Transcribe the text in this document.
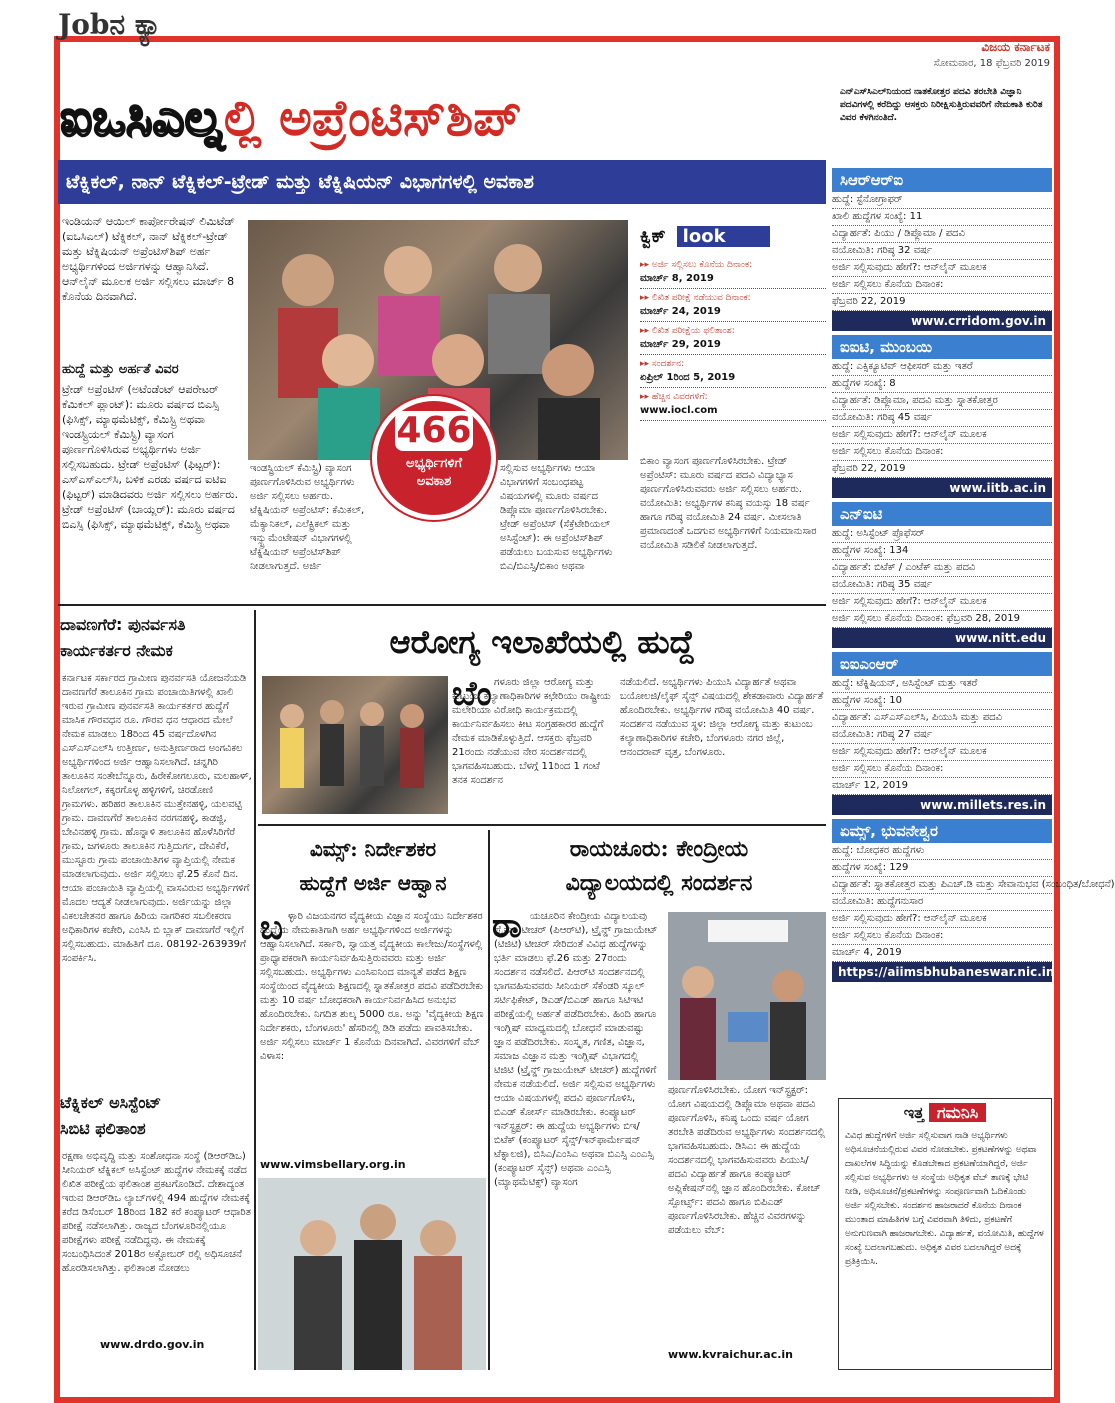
Jobನ ಕ್ಯಾ
ವಿಜಯ ಕರ್ನಾಟಕ
ಸೋಮವಾರ, 18 ಫೆಬ್ರವರಿ 2019
ಐಒಸಿಎಲ್ನಲ್ಲಿ ಅಪ್ರೆಂಟಿಸ್‌ಶಿಪ್	ಎನ್‌ಎಸ್‌ಸಿಎಲ್‌ನಿಯಂದ ನಾತಕೋತ್ತರ ಪದವಿ ತರಬೇತಿ ವಿಜ್ಞಾನಿ ಪದವಿಗಳಲ್ಲಿ ಕರೆದಿದ್ದು ಆಸಕ್ತರು ನಿರೀಕ್ಷಿಸುತ್ತಿರುವವರಿಗೆ ನೇಮಕಾತಿ ಕುರಿತ ವಿವರ ಕೆಳಗಿನಂತಿದೆ.
ಟೆಕ್ನಿಕಲ್, ನಾನ್ ಟೆಕ್ನಿಕಲ್-ಟ್ರೇಡ್ ಮತ್ತು ಟೆಕ್ನಿಷಿಯನ್ ವಿಭಾಗಗಳಲ್ಲಿ ಅವಕಾಶ
ಇಂಡಿಯನ್ ಆಯಿಲ್ ಕಾರ್ಪೋರೇಷನ್ ಲಿಮಿಟೆಡ್ (ಐಒಸಿಎಲ್) ಟೆಕ್ನಿಕಲ್, ನಾನ್ ಟೆಕ್ನಿಕಲ್-ಟ್ರೇಡ್ ಮತ್ತು ಟೆಕ್ನಿಷಿಯನ್ ಅಪ್ರೆಂಟಿಸ್‌ಶಿಪ್ ಅರ್ಹ ಅಭ್ಯರ್ಥಿಗಳಿಂದ ಅರ್ಜಿಗಳನ್ನು ಆಹ್ವಾನಿಸಿದೆ. ಆನ್‌ಲೈನ್ ಮೂಲಕ ಅರ್ಜಿ ಸಲ್ಲಿಸಲು ಮಾರ್ಚ್ 8 ಕೊನೆಯ ದಿನವಾಗಿದೆ.
ಹುದ್ದೆ ಮತ್ತು ಅರ್ಹತೆ ವಿವರ
ಟ್ರೇಡ್ ಅಪ್ರೆಂಟಿಸ್ (ಅಟೆಂಡೆಂಟ್ ಆಪರೇಟರ್ ಕೆಮಿಕಲ್ ಪ್ಲಾಂಟ್): ಮೂರು ವರ್ಷದ ಬಿಎಸ್ಸಿ (ಫಿಸಿಕ್ಸ್, ಮ್ಯಾಥಮೆಟಿಕ್ಸ್, ಕೆಮಿಸ್ಟ್ರಿ ಅಥವಾ ಇಂಡಸ್ಟ್ರಿಯಲ್ ಕೆಮಿಸ್ಟ್ರಿ) ವ್ಯಾಸಂಗ ಪೂರ್ಣಗೊಳಿಸಿರುವ ಅಭ್ಯರ್ಥಿಗಳು ಅರ್ಜಿ ಸಲ್ಲಿಸಬಹುದು. ಟ್ರೇಡ್ ಅಪ್ರೆಂಟಿಸ್ (ಫಿಟ್ಟರ್): ಎಸ್‌ಎಸ್‌ಎಲ್‌ಸಿ, ಬಳಿಕ ಎರಡು ವರ್ಷದ ಐಟಿಐ (ಫಿಟ್ಟರ್) ಮಾಡಿದವರು ಅರ್ಜಿ ಸಲ್ಲಿಸಲು ಅರ್ಹರು. ಟ್ರೇಡ್ ಅಪ್ರೆಂಟಿಸ್ (ಬಾಯ್ಲರ್): ಮೂರು ವರ್ಷದ ಬಿಎಸ್ಸಿ (ಫಿಸಿಕ್ಸ್, ಮ್ಯಾಥಮೆಟಿಕ್ಸ್, ಕೆಮಿಸ್ಟ್ರಿ ಅಥವಾ
466
ಅಭ್ಯರ್ಥಿಗಳಿಗೆ
ಅವಕಾಶ
ಇಂಡಸ್ಟ್ರಿಯಲ್ ಕೆಮಿಸ್ಟ್ರಿ) ವ್ಯಾಸಂಗ ಪೂರ್ಣಗೊಳಿಸಿರುವ ಅಭ್ಯರ್ಥಿಗಳು ಅರ್ಜಿ ಸಲ್ಲಿಸಲು ಅರ್ಹರು. ಟೆಕ್ನಿಷಿಯನ್ ಅಪ್ರೆಂಟಿಸ್: ಕೆಮಿಕಲ್, ಮೆಕ್ಯಾನಿಕಲ್, ಎಲೆಕ್ಟ್ರಿಕಲ್ ಮತ್ತು ಇನ್ಸ್ಟ್ರುಮೆಂಟೇಷನ್ ವಿಭಾಗಗಳಲ್ಲಿ ಟೆಕ್ನಿಷಿಯನ್ ಅಪ್ರೆಂಟಿಸ್‌ಶಿಪ್ ನೀಡಲಾಗುತ್ತದೆ. ಅರ್ಜಿ
ಸಲ್ಲಿಸುವ ಅಭ್ಯರ್ಥಿಗಳು ಆಯಾ ವಿಭಾಗಗಳಿಗೆ ಸಂಬಂಧಪಟ್ಟ ವಿಷಯಗಳಲ್ಲಿ ಮೂರು ವರ್ಷದ ಡಿಪ್ಲೊಮಾ ಪೂರ್ಣಗೊಳಿಸಿರಬೇಕು. ಟ್ರೇಡ್ ಅಪ್ರೆಂಟಿಸ್ (ಸೆಕ್ರೆಟೇರಿಯಲ್ ಅಸಿಸ್ಟೆಂಟ್): ಈ ಅಪ್ರೆಂಟಿಸ್‌ಶಿಪ್ ಪಡೆಯಲು ಬಯಸುವ ಅಭ್ಯರ್ಥಿಗಳು ಬಿಎ/ಬಿಎಸ್ಸಿ/ಬಿಕಾಂ ಅಥವಾ
ಬಿಕಾಂ ವ್ಯಾಸಂಗ ಪೂರ್ಣಗೊಳಿಸಿರಬೇಕು. ಟ್ರೇಡ್ ಅಪ್ರೆಂಟಿಸ್: ಮೂರು ವರ್ಷದ ಪದವಿ ವಿದ್ಯಾಭ್ಯಾಸ ಪೂರ್ಣಗೊಳಿಸಿರುವವರು ಅರ್ಜಿ ಸಲ್ಲಿಸಲು ಅರ್ಹರು. ವಯೋಮಿತಿ: ಅಭ್ಯರ್ಥಿಗಳ ಕನಿಷ್ಠ ವಯಸ್ಸು 18 ವರ್ಷ ಹಾಗೂ ಗರಿಷ್ಠ ವಯೋಮಿತಿ 24 ವರ್ಷ. ಮೀಸಲಾತಿ ಪ್ರಮಾಣದಂತೆ ಒದಗುವ ಅಭ್ಯರ್ಥಿಗಳಿಗೆ ನಿಯಮಾನುಸಾರ ವಯೋಮಿತಿ ಸಡಿಲಿಕೆ ನೀಡಲಾಗುತ್ತದೆ.
ಕ್ವಿಕ್ look
▸▸ ಅರ್ಜಿ ಸಲ್ಲಿಸಲು ಕೊನೆಯ ದಿನಾಂಕ:
ಮಾರ್ಚ್ 8, 2019
▸▸ ಲಿಖಿತ ಪರೀಕ್ಷೆ ನಡೆಯುವ ದಿನಾಂಕ:
ಮಾರ್ಚ್ 24, 2019
▸▸ ಲಿಖಿತ ಪರೀಕ್ಷೆಯ ಫಲಿತಾಂಶ:
ಮಾರ್ಚ್ 29, 2019
▸▸ ಸಂದರ್ಶನ:
ಏಪ್ರಿಲ್ 1ರಿಂದ 5, 2019
▸▸ ಹೆಚ್ಚಿನ ವಿವರಗಳಿಗೆ:
www.iocl.com
ದಾವಣಗೆರೆ: ಪುನರ್ವಸತಿ
ಕಾರ್ಯಕರ್ತರ ನೇಮಕ
ಕರ್ನಾಟಕ ಸರ್ಕಾರದ ಗ್ರಾಮೀಣ ಪುನರ್ವಸತಿ ಯೋಜನೆಯಡಿ ದಾವಣಗೆರೆ ತಾಲೂಕಿನ ಗ್ರಾಮ ಪಂಚಾಯಿತಿಗಳಲ್ಲಿ ಖಾಲಿ ಇರುವ ಗ್ರಾಮೀಣ ಪುನರ್ವಸತಿ ಕಾರ್ಯಕರ್ತರ ಹುದ್ದೆಗೆ ಮಾಸಿಕ ಗೌರವಧನ ರೂ. ಗೌರವ ಧನ ಆಧಾರದ ಮೇಲೆ ನೇಮಕ ಮಾಡಲು 18ರಿಂದ 45 ವರ್ಷದೊಳಗಿನ ಎಸ್‌ಎಸ್‌ಎಲ್‌ಸಿ ಉತ್ತೀರ್ಣ, ಅನುತ್ತೀರ್ಣರಾದ ಅಂಗವಿಕಲ ಅಭ್ಯರ್ಥಿಗಳಿಂದ ಅರ್ಜಿ ಆಹ್ವಾನಿಸಲಾಗಿದೆ. ಚನ್ನಗಿರಿ ತಾಲೂಕಿನ ಸಂತೇಬೆನ್ನೂರು, ಹಿರೇಕೋಗಲೂರು, ಮಲಹಾಳ್, ನಿಲೋಗಲ್, ಕಕ್ಕರಗೊಳ್ಳ ಹಳ್ಳಿಗಳಿಗೆ, ಚಿರಡೋಣಿ ಗ್ರಾಮಗಳು. ಹರಿಹರ ತಾಲೂಕಿನ ಮುತ್ತೇನಹಳ್ಳಿ, ಯಲವಟ್ಟಿ ಗ್ರಾಮ. ದಾವಣಗೆರೆ ತಾಲೂಕಿನ ನರಗನಹಳ್ಳಿ, ಕಾಡಜ್ಜಿ, ಬೇವಿನಹಳ್ಳಿ ಗ್ರಾಮ. ಹೊನ್ನಾಳಿ ತಾಲೂಕಿನ ಹೊಳೆಸಿರಿಗೆರೆ ಗ್ರಾಮ, ಜಗಳೂರು ತಾಲೂಕಿನ ಗುತ್ತಿದುರ್ಗ, ದೇವಿಕೆರೆ, ಮುಸ್ಟೂರು ಗ್ರಾಮ ಪಂಚಾಯಿತಿಗಳ ವ್ಯಾಪ್ತಿಯಲ್ಲಿ ನೇಮಕ ಮಾಡಲಾಗುವುದು. ಅರ್ಜಿ ಸಲ್ಲಿಸಲು ಫೆ.25 ಕೊನೆ ದಿನ. ಆಯಾ ಪಂಚಾಯಿತಿ ವ್ಯಾಪ್ತಿಯಲ್ಲಿ ವಾಸವಿರುವ ಅಭ್ಯರ್ಥಿಗಳಿಗೆ ಮೊದಲ ಆದ್ಯತೆ ನೀಡಲಾಗುವುದು. ಅರ್ಜಿಯನ್ನು ಜಿಲ್ಲಾ ವಿಕಲಚೇತನರ ಹಾಗೂ ಹಿರಿಯ ನಾಗರಿಕರ ಸಬಲೀಕರಣ ಅಧಿಕಾರಿಗಳ ಕಚೇರಿ, ಎಂಸಿಸಿ ಬಿ ಬ್ಲಾಕ್ ದಾವಣಗೆರೆ ಇಲ್ಲಿಗೆ ಸಲ್ಲಿಸಬಹುದು. ಮಾಹಿತಿಗೆ ದೂ. 08192-263939ಗೆ ಸಂಪರ್ಕಿಸಿ.
ಟೆಕ್ನಿಕಲ್ ಅಸಿಸ್ಟೆಂಟ್
ಸಿಬಿಟಿ ಫಲಿತಾಂಶ
ರಕ್ಷಣಾ ಅಭಿವೃದ್ಧಿ ಮತ್ತು ಸಂಶೋಧನಾ ಸಂಸ್ಥೆ (ಡಿಆರ್‌ಡಿಒ) ಸೀನಿಯರ್ ಟೆಕ್ನಿಕಲ್ ಅಸಿಸ್ಟೆಂಟ್ ಹುದ್ದೆಗಳ ನೇಮಕಕ್ಕೆ ನಡೆದ ಲಿಖಿತ ಪರೀಕ್ಷೆಯ ಫಲಿತಾಂಶ ಪ್ರಕಟಗೊಂಡಿದೆ. ದೇಶಾದ್ಯಂತ ಇರುವ ಡಿಆರ್‌ಡಿಒ ಲ್ಯಾಬ್‌ಗಳಲ್ಲಿ 494 ಹುದ್ದೆಗಳ ನೇಮಕಕ್ಕೆ ಕರೆದ ಡಿಸೆಂಬರ್ 18ರಿಂದ 182 ಕರೆ ಕಂಪ್ಯೂಟರ್ ಆಧಾರಿತ ಪರೀಕ್ಷೆ ನಡೆಸಲಾಗಿತ್ತು. ರಾಜ್ಯದ ಬೆಂಗಳೂರಿನಲ್ಲಿಯೂ ಪರೀಕ್ಷೆಗಳು ಪರೀಕ್ಷೆ ನಡೆದಿದ್ದವು. ಈ ನೇಮಕಕ್ಕೆ ಸಂಬಂಧಿಸಿದಂತೆ 2018ರ ಅಕ್ಟೋಬರ್ ರಲ್ಲಿ ಅಧಿಸೂಚನೆ ಹೊರಡಿಸಲಾಗಿತ್ತು. ಫಲಿತಾಂಶ ನೋಡಲು
www.drdo.gov.in
ಆರೋಗ್ಯ ಇಲಾಖೆಯಲ್ಲಿ ಹುದ್ದೆ
ಬೆಂ ಗಳೂರು ಜಿಲ್ಲಾ ಆರೋಗ್ಯ ಮತ್ತು ಕುಟುಂಬ ಕಲ್ಯಾಣಾಧಿಕಾರಿಗಳ ಕಛೇರಿಯು ರಾಷ್ಟ್ರೀಯ ಮಲೇರಿಯಾ ವಿರೋಧಿ ಕಾರ್ಯಕ್ರಮದಲ್ಲಿ ಕಾರ್ಯನಿರ್ವಹಿಸಲು ಕೀಟ ಸಂಗ್ರಹಕಾರರ ಹುದ್ದೆಗೆ ನೇಮಕ ಮಾಡಿಕೊಳ್ಳುತ್ತಿದೆ. ಆಸಕ್ತರು ಫೆಬ್ರವರಿ 21ರಂದು ನಡೆಯುವ ನೇರ ಸಂದರ್ಶನದಲ್ಲಿ ಭಾಗವಹಿಸಬಹುದು. ಬೆಳಗ್ಗೆ 11ರಿಂದ 1 ಗಂಟೆ ತನಕ ಸಂದರ್ಶನ
ನಡೆಯಲಿದೆ. ಅಭ್ಯರ್ಥಿಗಳು ಪಿಯುಸಿ ವಿದ್ಯಾರ್ಹತೆ ಅಥವಾ ಬಯೋಲಜಿ/ಲೈಫ್ ಸೈನ್ಸ್‌ ವಿಷಯದಲ್ಲಿ ಶೇಕಡಾವಾರು ವಿದ್ಯಾರ್ಹತೆ ಹೊಂದಿರಬೇಕು. ಅಭ್ಯರ್ಥಿಗಳ ಗರಿಷ್ಠ ವಯೋಮಿತಿ 40 ವರ್ಷ. ಸಂದರ್ಶನ ನಡೆಯುವ ಸ್ಥಳ: ಜಿಲ್ಲಾ ಆರೋಗ್ಯ ಮತ್ತು ಕುಟುಂಬ ಕಲ್ಯಾಣಾಧಿಕಾರಿಗಳ ಕಚೇರಿ, ಬೆಂಗಳೂರು ನಗರ ಜಿಲ್ಲೆ, ಆನಂದರಾವ್ ವೃತ್ತ, ಬೆಂಗಳೂರು.
ವಿಮ್ಸ್: ನಿರ್ದೇಶಕರ
ಹುದ್ದೆಗೆ ಅರ್ಜಿ ಆಹ್ವಾನ
ಬ ಳ್ಳಾರಿ ವಿಜಯನಗರ ವೈದ್ಯಕೀಯ ವಿಜ್ಞಾನ ಸಂಸ್ಥೆಯು ನಿರ್ದೇಶಕರ ಹುದ್ದೆಯ ನೇಮಕಾತಿಗಾಗಿ ಅರ್ಹ ಅಭ್ಯರ್ಥಿಗಳಿಂದ ಅರ್ಜಿಗಳನ್ನು ಆಹ್ವಾನಿಸಲಾಗಿದೆ. ಸರ್ಕಾರಿ, ಸ್ವಾಯತ್ತ ವೈದ್ಯಕೀಯ ಕಾಲೇಜು/ಸಂಸ್ಥೆಗಳಲ್ಲಿ ಪ್ರಾಧ್ಯಾಪಕರಾಗಿ ಕಾರ್ಯನಿರ್ವಹಿಸುತ್ತಿರುವವರು ಮತ್ತು ಅರ್ಜಿ ಸಲ್ಲಿಸಬಹುದು. ಅಭ್ಯರ್ಥಿಗಳು ಎಂಸಿಐನಿಂದ ಮಾನ್ಯತೆ ಪಡೆದ ಶಿಕ್ಷಣ ಸಂಸ್ಥೆಯಿಂದ ವೈದ್ಯಕೀಯ ಶಿಕ್ಷಣದಲ್ಲಿ ಸ್ನಾತಕೋತ್ತರ ಪದವಿ ಪಡೆದಿರಬೇಕು ಮತ್ತು 10 ವರ್ಷ ಬೋಧಕರಾಗಿ ಕಾರ್ಯನಿರ್ವಹಿಸಿದ ಅನುಭವ ಹೊಂದಿರಬೇಕು. ನಿಗದಿತ ಶುಲ್ಕ 5000 ರೂ. ಅನ್ನು 'ವೈದ್ಯಕೀಯ ಶಿಕ್ಷಣ ನಿರ್ದೇಶಕರು, ಬೆಂಗಳೂರು' ಹೆಸರಿನಲ್ಲಿ ಡಿಡಿ ಪಡೆದು ಪಾವತಿಸಬೇಕು. ಅರ್ಜಿ ಸಲ್ಲಿಸಲು ಮಾರ್ಚ್ 1 ಕೊನೆಯ ದಿನವಾಗಿದೆ. ವಿವರಗಳಿಗೆ ವೆಬ್ ವಿಳಾಸ:
www.vimsbellary.org.in
ರಾಯಚೂರು: ಕೇಂದ್ರೀಯ
ವಿದ್ಯಾಲಯದಲ್ಲಿ ಸಂದರ್ಶನ
ರಾ ಯಚೂರಿನ ಕೇಂದ್ರೀಯ ವಿದ್ಯಾಲಯವು ಪ್ರೈಮರಿ ಟೀಚರ್ (ಪಿಆರ್‌ಟಿ), ಟ್ರೈನ್ಡ್ ಗ್ರಾಜುಯೇಟ್ (ಟಿಜಿಟಿ) ಟೀಚರ್ ಸೇರಿದಂತೆ ವಿವಿಧ ಹುದ್ದೆಗಳನ್ನು ಭರ್ತಿ ಮಾಡಲು ಫೆ.26 ಮತ್ತು 27ರಂದು ಸಂದರ್ಶನ ನಡೆಸಲಿದೆ. ಪಿಆರ್‌ಟಿ ಸಂದರ್ಶನದಲ್ಲಿ ಭಾಗವಹಿಸುವವರು ಸೀನಿಯರ್ ಸೆಕೆಂಡರಿ ಸ್ಕೂಲ್ ಸರ್ಟಿಫಿಕೇಟ್, ಡಿಎಡ್/ಬಿಎಡ್ ಹಾಗೂ ಸಿಟಿಇಟಿ ಪರೀಕ್ಷೆಯಲ್ಲಿ ಅರ್ಹತೆ ಪಡೆದಿರಬೇಕು. ಹಿಂದಿ ಹಾಗೂ ಇಂಗ್ಲಿಷ್ ಮಾಧ್ಯಮದಲ್ಲಿ ಬೋಧನೆ ಮಾಡುವಷ್ಟು ಜ್ಞಾನ ಪಡೆದಿರಬೇಕು. ಸಂಸ್ಕೃತ, ಗಣಿತ, ವಿಜ್ಞಾನ, ಸಮಾಜ ವಿಜ್ಞಾನ ಮತ್ತು ಇಂಗ್ಲಿಷ್ ವಿಭಾಗದಲ್ಲಿ ಟಿಜಿಟಿ (ಟ್ರೈನ್ಡ್ ಗ್ರಾಜುಯೇಟ್ ಟೀಚರ್) ಹುದ್ದೆಗಳಿಗೆ ನೇಮಕ ನಡೆಯಲಿದೆ. ಅರ್ಜಿ ಸಲ್ಲಿಸುವ ಅಭ್ಯರ್ಥಿಗಳು ಆಯಾ ವಿಷಯಗಳಲ್ಲಿ ಪದವಿ ಪೂರ್ಣಗೊಳಿಸಿ, ಬಿಎಡ್ ಕೋರ್ಸ್ ಮಾಡಿರಬೇಕು. ಕಂಪ್ಯೂಟರ್ ಇನ್‌ಸ್ಟ್ರಕ್ಟರ್: ಈ ಹುದ್ದೆಯ ಅಭ್ಯರ್ಥಿಗಳು ಬಿಇ/ಬಿಟೆಕ್ (ಕಂಪ್ಯೂಟರ್ ಸೈನ್ಸ್/ಇನ್‌ಫಾರ್ಮೇಷನ್ ಟೆಕ್ನಾಲಜಿ), ಬಿಸಿಎ/ಎಂಸಿಎ ಅಥವಾ ಬಿಎಸ್ಸಿ ಎಂಎಸ್ಸಿ (ಕಂಪ್ಯೂಟರ್ ಸೈನ್ಸ್) ಅಥವಾ ಎಂಎಸ್ಸಿ (ಮ್ಯಾಥಮೆಟಿಕ್ಸ್) ವ್ಯಾಸಂಗ
ಪೂರ್ಣಗೊಳಿಸಿರಬೇಕು. ಯೋಗ ಇನ್‌ಸ್ಟ್ರಕ್ಟರ್: ಯೋಗ ವಿಷಯದಲ್ಲಿ ಡಿಪ್ಲೊಮಾ ಅಥವಾ ಪದವಿ ಪೂರ್ಣಗೊಳಿಸಿ, ಕನಿಷ್ಠ ಒಂದು ವರ್ಷ ಯೋಗ ತರಬೇತಿ ಪಡೆದಿರುವ ಅಭ್ಯರ್ಥಿಗಳು ಸಂದರ್ಶನದಲ್ಲಿ ಭಾಗವಹಿಸಬಹುದು. ಡಿಸಿಎ: ಈ ಹುದ್ದೆಯ ಸಂದರ್ಶನದಲ್ಲಿ ಭಾಗವಹಿಸುವವರು ಪಿಯುಸಿ/ಪದವಿ ವಿದ್ಯಾರ್ಹತೆ ಹಾಗೂ ಕಂಪ್ಯೂಟರ್ ಅಪ್ಲಿಕೇಷನ್‌ನಲ್ಲಿ ಜ್ಞಾನ ಹೊಂದಿರಬೇಕು. ಕೋಚ್ ಸ್ಪೋರ್ಟ್ಸ್: ಪದವಿ ಹಾಗೂ ಬಿಪಿಎಡ್ ಪೂರ್ಣಗೊಳಿಸಿರಬೇಕು. ಹೆಚ್ಚಿನ ವಿವರಗಳನ್ನು ಪಡೆಯಲು ವೆಬ್:
www.kvraichur.ac.in
ಸಿಆರ್‌ಆರ್‌ಐ
ಹುದ್ದೆ: ಸ್ಟೆನೋಗ್ರಾಫರ್
ಖಾಲಿ ಹುದ್ದೆಗಳ ಸಂಖ್ಯೆ: 11
ವಿದ್ಯಾರ್ಹತೆ: ಪಿಯು / ಡಿಪ್ಲೊಮಾ / ಪದವಿ
ವಯೋಮಿತಿ: ಗರಿಷ್ಠ 32 ವರ್ಷ
ಅರ್ಜಿ ಸಲ್ಲಿಸುವುದು ಹೇಗೆ?: ಆನ್‌ಲೈನ್ ಮೂಲಕ
ಅರ್ಜಿ ಸಲ್ಲಿಸಲು ಕೊನೆಯ ದಿನಾಂಕ:
ಫೆಬ್ರವರಿ 22, 2019
www.crridom.gov.in
ಐಐಟಿ, ಮುಂಬಯಿ
ಹುದ್ದೆ: ಎಕ್ಸಿಕ್ಯೂಟಿವ್ ಆಫೀಸರ್ ಮತ್ತು ಇತರೆ
ಹುದ್ದೆಗಳ ಸಂಖ್ಯೆ: 8
ವಿದ್ಯಾರ್ಹತೆ: ಡಿಪ್ಲೊಮಾ, ಪದವಿ ಮತ್ತು ಸ್ನಾತಕೋತ್ತರ
ವಯೋಮಿತಿ: ಗರಿಷ್ಠ 45 ವರ್ಷ
ಅರ್ಜಿ ಸಲ್ಲಿಸುವುದು ಹೇಗೆ?: ಆನ್‌ಲೈನ್ ಮೂಲಕ
ಅರ್ಜಿ ಸಲ್ಲಿಸಲು ಕೊನೆಯ ದಿನಾಂಕ:
ಫೆಬ್ರವರಿ 22, 2019
www.iitb.ac.in
ಎನ್‌ಐಟಿ
ಹುದ್ದೆ: ಅಸಿಸ್ಟೆಂಟ್ ಪ್ರೊಫೆಸರ್
ಹುದ್ದೆಗಳ ಸಂಖ್ಯೆ: 134
ವಿದ್ಯಾರ್ಹತೆ: ಬಿಟೆಕ್ / ಎಂಟೆಕ್ ಮತ್ತು ಪದವಿ
ವಯೋಮಿತಿ: ಗರಿಷ್ಠ 35 ವರ್ಷ
ಅರ್ಜಿ ಸಲ್ಲಿಸುವುದು ಹೇಗೆ?: ಆನ್‌ಲೈನ್ ಮೂಲಕ
ಅರ್ಜಿ ಸಲ್ಲಿಸಲು ಕೊನೆಯ ದಿನಾಂಕ: ಫೆಬ್ರವರಿ 28, 2019
www.nitt.edu
ಐಐಎಂಆರ್
ಹುದ್ದೆ: ಟೆಕ್ನಿಷಿಯನ್, ಅಸಿಸ್ಟೆಂಟ್ ಮತ್ತು ಇತರೆ
ಹುದ್ದೆಗಳ ಸಂಖ್ಯೆ: 10
ವಿದ್ಯಾರ್ಹತೆ: ಎಸ್‌ಎಸ್‌ಎಲ್‌ಸಿ, ಪಿಯುಸಿ ಮತ್ತು ಪದವಿ
ವಯೋಮಿತಿ: ಗರಿಷ್ಠ 27 ವರ್ಷ
ಅರ್ಜಿ ಸಲ್ಲಿಸುವುದು ಹೇಗೆ?: ಆನ್‌ಲೈನ್ ಮೂಲಕ
ಅರ್ಜಿ ಸಲ್ಲಿಸಲು ಕೊನೆಯ ದಿನಾಂಕ:
ಮಾರ್ಚ್ 12, 2019
www.millets.res.in
ಏಮ್ಸ್, ಭುವನೇಶ್ವರ
ಹುದ್ದೆ: ಬೋಧಕರ ಹುದ್ದೆಗಳು
ಹುದ್ದೆಗಳ ಸಂಖ್ಯೆ: 129
ವಿದ್ಯಾರ್ಹತೆ: ಸ್ನಾತಕೋತ್ತರ ಮತ್ತು ಪಿಎಚ್.ಡಿ ಮತ್ತು ಸೇವಾನುಭವ (ಸಂಬಂಧಿತ/ಬೋಧನೆ)
ವಯೋಮಿತಿ: ಹುದ್ದೆಗನುಸಾರ
ಅರ್ಜಿ ಸಲ್ಲಿಸುವುದು ಹೇಗೆ?: ಆನ್‌ಲೈನ್ ಮೂಲಕ
ಅರ್ಜಿ ಸಲ್ಲಿಸಲು ಕೊನೆಯ ದಿನಾಂಕ:
ಮಾರ್ಚ್ 4, 2019
https://aiimsbhubaneswar.nic.in
ಇತ್ತ ಗಮನಿಸಿ
ವಿವಿಧ ಹುದ್ದೆಗಳಿಗೆ ಅರ್ಜಿ ಸಲ್ಲಿಸುವಾಗ ನಾಡಿ ಅಭ್ಯರ್ಥಿಗಳು ಅಧಿಸೂಚನೆಯಲ್ಲಿರುವ ವಿವರ ನೋಡಬೇಕು. ಪ್ರಕಟಣೆಗಳನ್ನು ಅಥವಾ ದಾಖಲೆಗಳ ಸಿದ್ಧಿಯನ್ನು ಕೊಡಬೇಕಾದ ಪ್ರಕಟಣೆಯಾಗಿದ್ದರೆ, ಅರ್ಜಿ ಸಲ್ಲಿಸುವ ಅಭ್ಯರ್ಥಿಗಳು ಆ ಸಂಸ್ಥೆಯ ಅಧಿಕೃತ ವೆಬ್ ತಾಣಕ್ಕೆ ಭೇಟಿ ನೀಡಿ, ಅಧಿಸೂಚನೆ/ಪ್ರಕಟಣೆಗಳನ್ನು ಸಂಪೂರ್ಣವಾಗಿ ಓದಿಕೊಂಡು ಅರ್ಜಿ ಸಲ್ಲಿಸಬೇಕು. ಸಂದರ್ಶನ ಹಾಜರಾದರೆ ಕೊನೆಯ ದಿನಾಂಕ ಮುಂತಾದ ಮಾಹಿತಿಗಳ ಬಗ್ಗೆ ವಿವರವಾಗಿ ತಿಳಿದು, ಪ್ರಕಟಣೆಗೆ ಅನುಗುಣವಾಗಿ ಹಾಜರಾಗಬೇಕು. ವಿದ್ಯಾರ್ಹತೆ, ವಯೋಮಿತಿ, ಹುದ್ದೆಗಳ ಸಂಖ್ಯೆ ಬದಲಾಗಬಹುದು. ಅಧಿಕೃತ ವಿವರ ಬದಲಾಗಿದ್ದರೆ ಅದಕ್ಕೆ ಪ್ರತಿಕ್ರಿಯಿಸಿ.
